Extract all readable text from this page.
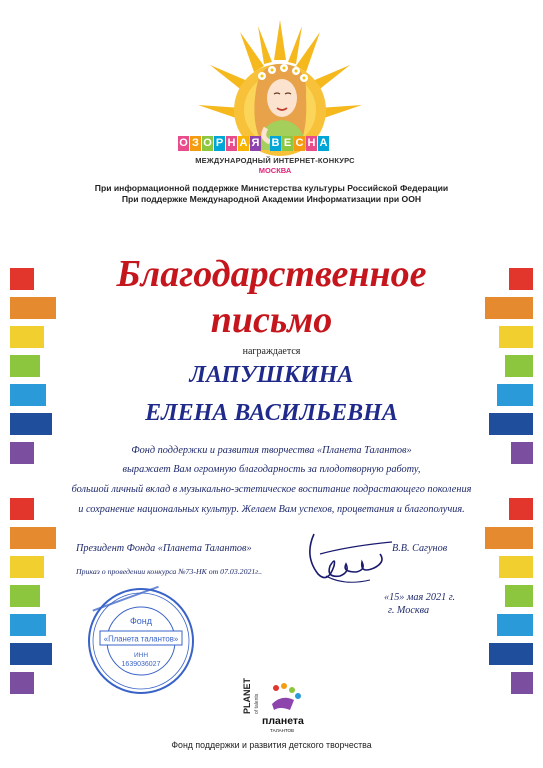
О З О Р Н А Я В Е С Н А
МЕЖДУНАРОДНЫЙ ИНТЕРНЕТ-КОНКУРС
МОСКВА
При информационной поддержке Министерства культуры Российской Федерации
При поддержке Международной Академии Информатизации при ООН
Благодарственное
письмо
награждается
ЛАПУШКИНА
ЕЛЕНА ВАСИЛЬЕВНА
Фонд поддержки и развития творчества «Планета Талантов»
выражает Вам огромную благодарность за плодотворную работу,
большой личный вклад в музыкально-эстетическое воспитание подрастающего поколения
и сохранение национальных культур. Желаем Вам успехов, процветания и благополучия.
Президент Фонда «Планета Талантов»	В.В. Сагунов
Приказ о проведении конкурса №73-НК от 07.03.2021г..
«15» мая 2021 г.
г. Москва
Фонд
«Планета талантов»
ИНН
1639036027
PLANET of talents
планета
ТАЛАНТОВ
Фонд поддержки и развития детского творчества
